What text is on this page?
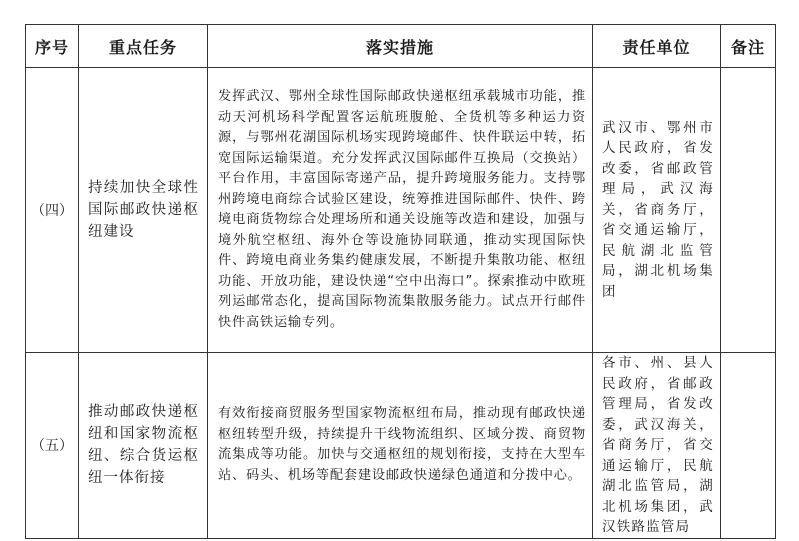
序号	重点任务	落实措施	责任单位	备注
（四）	持续加快全球性国际邮政快递枢纽建设	发挥武汉、鄂州全球性国际邮政快递枢纽承载城市功能，推动天河机场科学配置客运航班腹舱、全货机等多种运力资源，与鄂州花湖国际机场实现跨境邮件、快件联运中转，拓宽国际运输渠道。充分发挥武汉国际邮件互换局（交换站）平台作用，丰富国际寄递产品，提升跨境服务能力。支持鄂州跨境电商综合试验区建设，统筹推进国际邮件、快件、跨境电商货物综合处理场所和通关设施等改造和建设，加强与境外航空枢纽、海外仓等设施协同联通，推动实现国际快件、跨境电商业务集约健康发展，不断提升集散功能、枢纽功能、开放功能，建设快递“空中出海口”。探索推动中欧班列运邮常态化，提高国际物流集散服务能力。试点开行邮件快件高铁运输专列。	武汉市、鄂州市人民政府，省发改委，省邮政管理局，武汉海关，省商务厅，省交通运输厅，民航湖北监管局，湖北机场集团	
（五）	推动邮政快递枢纽和国家物流枢纽、综合货运枢纽一体衔接	有效衔接商贸服务型国家物流枢纽布局，推动现有邮政快递枢纽转型升级，持续提升干线物流组织、区域分拨、商贸物流集成等功能。加快与交通枢纽的规划衔接，支持在大型车站、码头、机场等配套建设邮政快递绿色通道和分拨中心。	各市、州、县人民政府，省邮政管理局，省发改委，武汉海关，省商务厅，省交通运输厅，民航湖北监管局，湖北机场集团，武汉铁路监管局	
